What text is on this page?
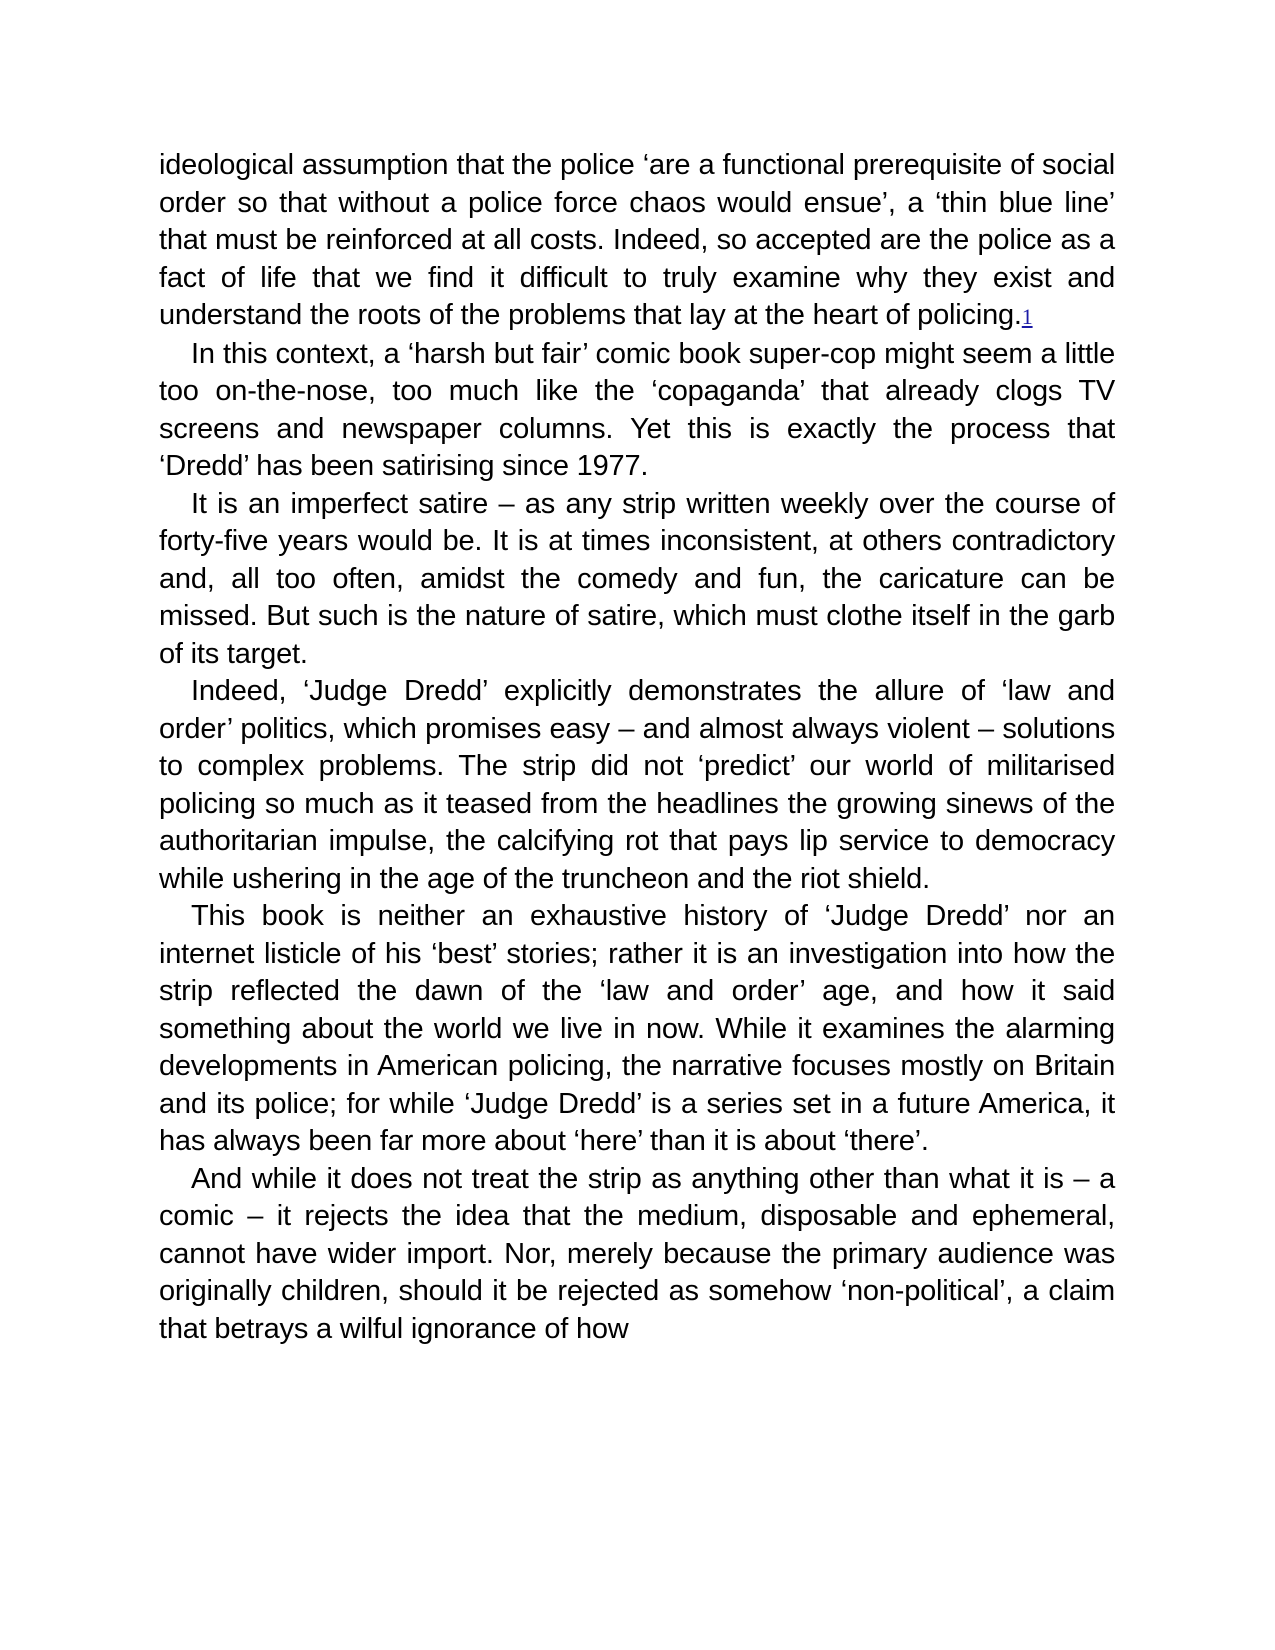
ideological assumption that the police ‘are a functional prerequisite of social order so that without a police force chaos would ensue’, a ‘thin blue line’ that must be reinforced at all costs. Indeed, so accepted are the police as a fact of life that we find it difficult to truly examine why they exist and understand the roots of the problems that lay at the heart of policing.1

In this context, a ‘harsh but fair’ comic book super-cop might seem a little too on-the-nose, too much like the ‘copaganda’ that already clogs TV screens and newspaper columns. Yet this is exactly the process that ‘Dredd’ has been satirising since 1977.

It is an imperfect satire – as any strip written weekly over the course of forty-five years would be. It is at times inconsistent, at others contradictory and, all too often, amidst the comedy and fun, the caricature can be missed. But such is the nature of satire, which must clothe itself in the garb of its target.

Indeed, ‘Judge Dredd’ explicitly demonstrates the allure of ‘law and order’ politics, which promises easy – and almost always violent – solutions to complex problems. The strip did not ‘predict’ our world of militarised policing so much as it teased from the headlines the growing sinews of the authoritarian impulse, the calcifying rot that pays lip service to democracy while ushering in the age of the truncheon and the riot shield.

This book is neither an exhaustive history of ‘Judge Dredd’ nor an internet listicle of his ‘best’ stories; rather it is an investigation into how the strip reflected the dawn of the ‘law and order’ age, and how it said something about the world we live in now. While it examines the alarming developments in American policing, the narrative focuses mostly on Britain and its police; for while ‘Judge Dredd’ is a series set in a future America, it has always been far more about ‘here’ than it is about ‘there’.

And while it does not treat the strip as anything other than what it is – a comic – it rejects the idea that the medium, disposable and ephemeral, cannot have wider import. Nor, merely because the primary audience was originally children, should it be rejected as somehow ‘non-political’, a claim that betrays a wilful ignorance of how
